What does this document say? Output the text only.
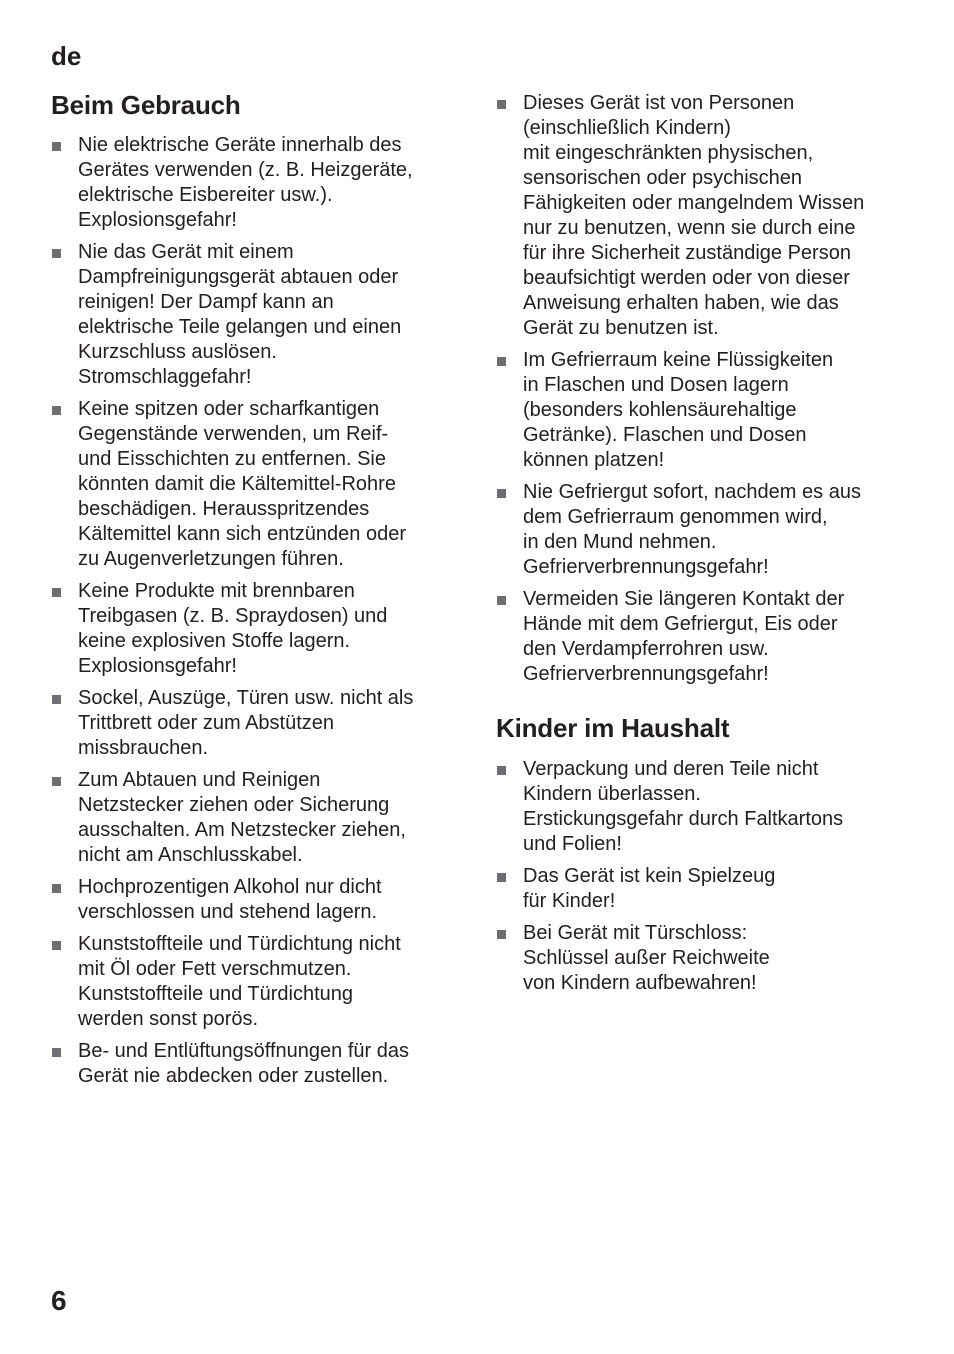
de
Beim Gebrauch
Nie elektrische Geräte innerhalb des
Gerätes verwenden (z. B. Heizgeräte,
elektrische Eisbereiter usw.).
Explosionsgefahr!
Nie das Gerät mit einem
Dampfreinigungsgerät abtauen oder
reinigen! Der Dampf kann an
elektrische Teile gelangen und einen
Kurzschluss auslösen.
Stromschlaggefahr!
Keine spitzen oder scharfkantigen
Gegenstände verwenden, um Reif-
und Eisschichten zu entfernen. Sie
könnten damit die Kältemittel-Rohre
beschädigen. Herausspritzendes
Kältemittel kann sich entzünden oder
zu Augenverletzungen führen.
Keine Produkte mit brennbaren
Treibgasen (z. B. Spraydosen) und
keine explosiven Stoffe lagern.
Explosionsgefahr!
Sockel, Auszüge, Türen usw. nicht als
Trittbrett oder zum Abstützen
missbrauchen.
Zum Abtauen und Reinigen
Netzstecker ziehen oder Sicherung
ausschalten. Am Netzstecker ziehen,
nicht am Anschlusskabel.
Hochprozentigen Alkohol nur dicht
verschlossen und stehend lagern.
Kunststoffteile und Türdichtung nicht
mit Öl oder Fett verschmutzen.
Kunststoffteile und Türdichtung
werden sonst porös.
Be- und Entlüftungsöffnungen für das
Gerät nie abdecken oder zustellen.
Dieses Gerät ist von Personen
(einschließlich Kindern)
mit eingeschränkten physischen,
sensorischen oder psychischen
Fähigkeiten oder mangelndem Wissen
nur zu benutzen, wenn sie durch eine
für ihre Sicherheit zuständige Person
beaufsichtigt werden oder von dieser
Anweisung erhalten haben, wie das
Gerät zu benutzen ist.
Im Gefrierraum keine Flüssigkeiten
in Flaschen und Dosen lagern
(besonders kohlensäurehaltige
Getränke). Flaschen und Dosen
können platzen!
Nie Gefriergut sofort, nachdem es aus
dem Gefrierraum genommen wird,
in den Mund nehmen.
Gefrierverbrennungsgefahr!
Vermeiden Sie längeren Kontakt der
Hände mit dem Gefriergut, Eis oder
den Verdampferrohren usw.
Gefrierverbrennungsgefahr!
Kinder im Haushalt
Verpackung und deren Teile nicht
Kindern überlassen.
Erstickungsgefahr durch Faltkartons
und Folien!
Das Gerät ist kein Spielzeug
für Kinder!
Bei Gerät mit Türschloss:
Schlüssel außer Reichweite
von Kindern aufbewahren!
6
